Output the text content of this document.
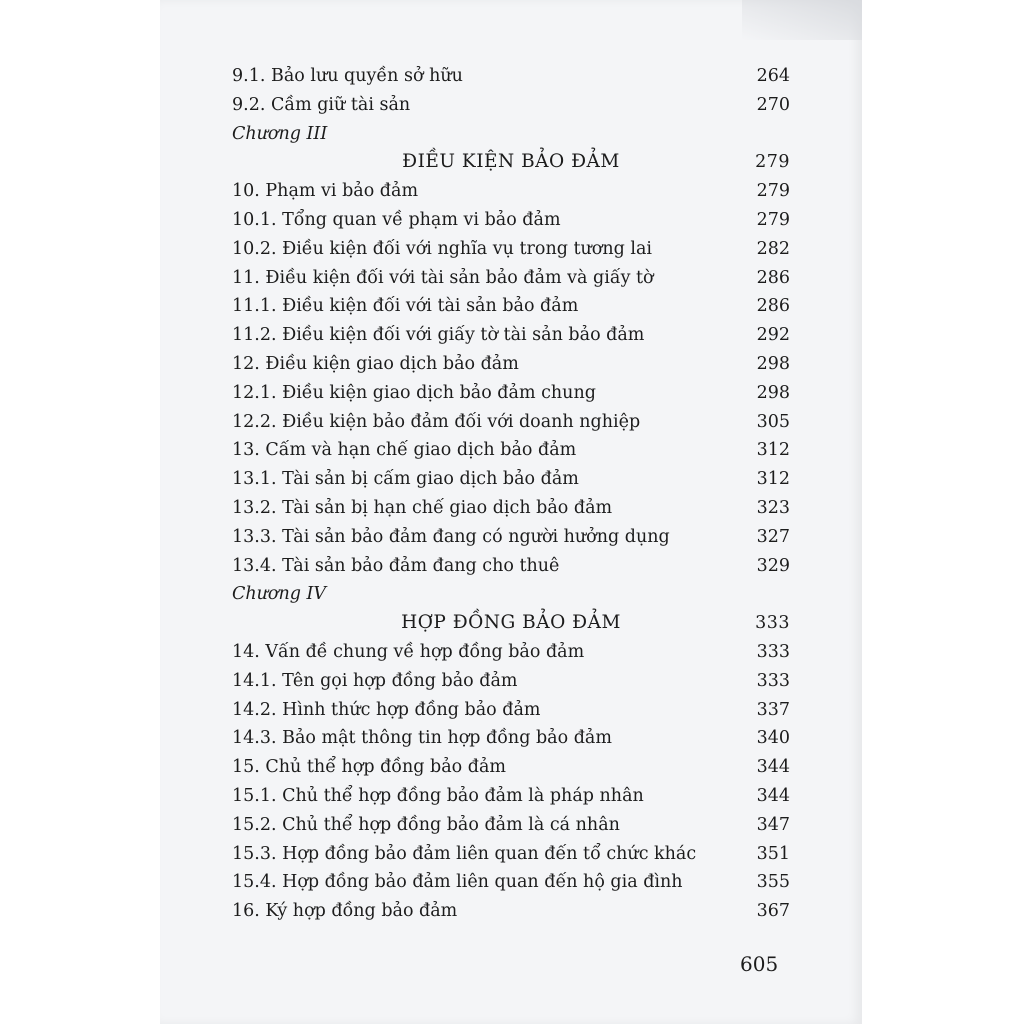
9.1. Bảo lưu quyền sở hữu	264
9.2. Cầm giữ tài sản	270
Chương III
ĐIỀU KIỆN BẢO ĐẢM	279
10. Phạm vi bảo đảm	279
10.1. Tổng quan về phạm vi bảo đảm	279
10.2. Điều kiện đối với nghĩa vụ trong tương lai	282
11. Điều kiện đối với tài sản bảo đảm và giấy tờ	286
11.1. Điều kiện đối với tài sản bảo đảm	286
11.2. Điều kiện đối với giấy tờ tài sản bảo đảm	292
12. Điều kiện giao dịch bảo đảm	298
12.1. Điều kiện giao dịch bảo đảm chung	298
12.2. Điều kiện bảo đảm đối với doanh nghiệp	305
13. Cấm và hạn chế giao dịch bảo đảm	312
13.1. Tài sản bị cấm giao dịch bảo đảm	312
13.2. Tài sản bị hạn chế giao dịch bảo đảm	323
13.3. Tài sản bảo đảm đang có người hưởng dụng	327
13.4. Tài sản bảo đảm đang cho thuê	329
Chương IV
HỢP ĐỒNG BẢO ĐẢM	333
14. Vấn đề chung về hợp đồng bảo đảm	333
14.1. Tên gọi hợp đồng bảo đảm	333
14.2. Hình thức hợp đồng bảo đảm	337
14.3. Bảo mật thông tin hợp đồng bảo đảm	340
15. Chủ thể hợp đồng bảo đảm	344
15.1. Chủ thể hợp đồng bảo đảm là pháp nhân	344
15.2. Chủ thể hợp đồng bảo đảm là cá nhân	347
15.3. Hợp đồng bảo đảm liên quan đến tổ chức khác	351
15.4. Hợp đồng bảo đảm liên quan đến hộ gia đình	355
16. Ký hợp đồng bảo đảm	367
605
